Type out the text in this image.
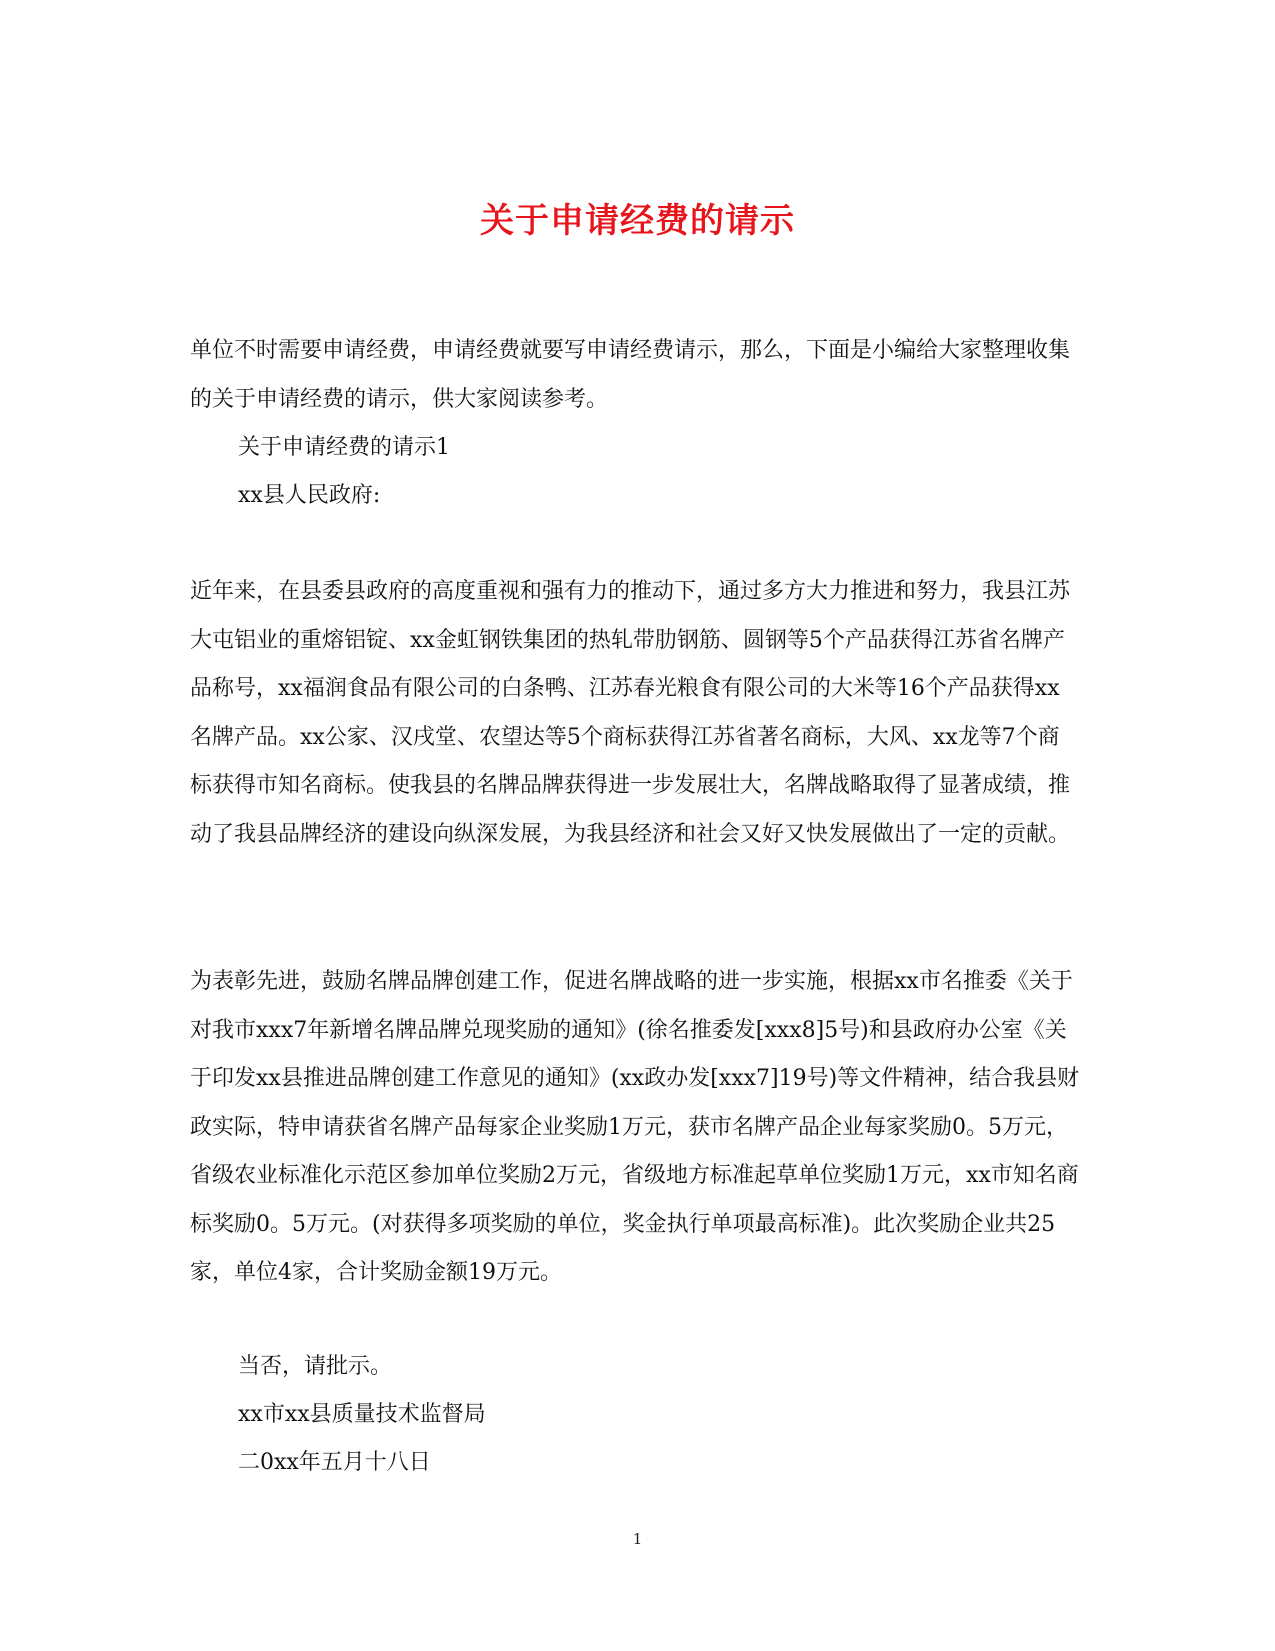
关于申请经费的请示

单位不时需要申请经费，申请经费就要写申请经费请示，那么，下面是小编给大家整理收集的关于申请经费的请示，供大家阅读参考。

关于申请经费的请示1

xx县人民政府:

近年来，在县委县政府的高度重视和强有力的推动下，通过多方大力推进和努力，我县江苏大屯铝业的重熔铝锭、xx金虹钢铁集团的热轧带肋钢筋、圆钢等5个产品获得江苏省名牌产品称号，xx福润食品有限公司的白条鸭、江苏春光粮食有限公司的大米等16个产品获得xx名牌产品。xx公家、汉戌堂、农望达等5个商标获得江苏省著名商标，大风、xx龙等7个商标获得市知名商标。使我县的名牌品牌获得进一步发展壮大，名牌战略取得了显著成绩，推动了我县品牌经济的建设向纵深发展，为我县经济和社会又好又快发展做出了一定的贡献。

为表彰先进，鼓励名牌品牌创建工作，促进名牌战略的进一步实施，根据xx市名推委《关于对我市xxx7年新增名牌品牌兑现奖励的通知》(徐名推委发[xxx8]5号)和县政府办公室《关于印发xx县推进品牌创建工作意见的通知》(xx政办发[xxx7]19号)等文件精神，结合我县财政实际，特申请获省名牌产品每家企业奖励1万元，获市名牌产品企业每家奖励0。5万元，省级农业标准化示范区参加单位奖励2万元，省级地方标准起草单位奖励1万元，xx市知名商标奖励0。5万元。(对获得多项奖励的单位，奖金执行单项最高标准)。此次奖励企业共25家，单位4家，合计奖励金额19万元。

当否，请批示。

xx市xx县质量技术监督局

二0xx年五月十八日

1
